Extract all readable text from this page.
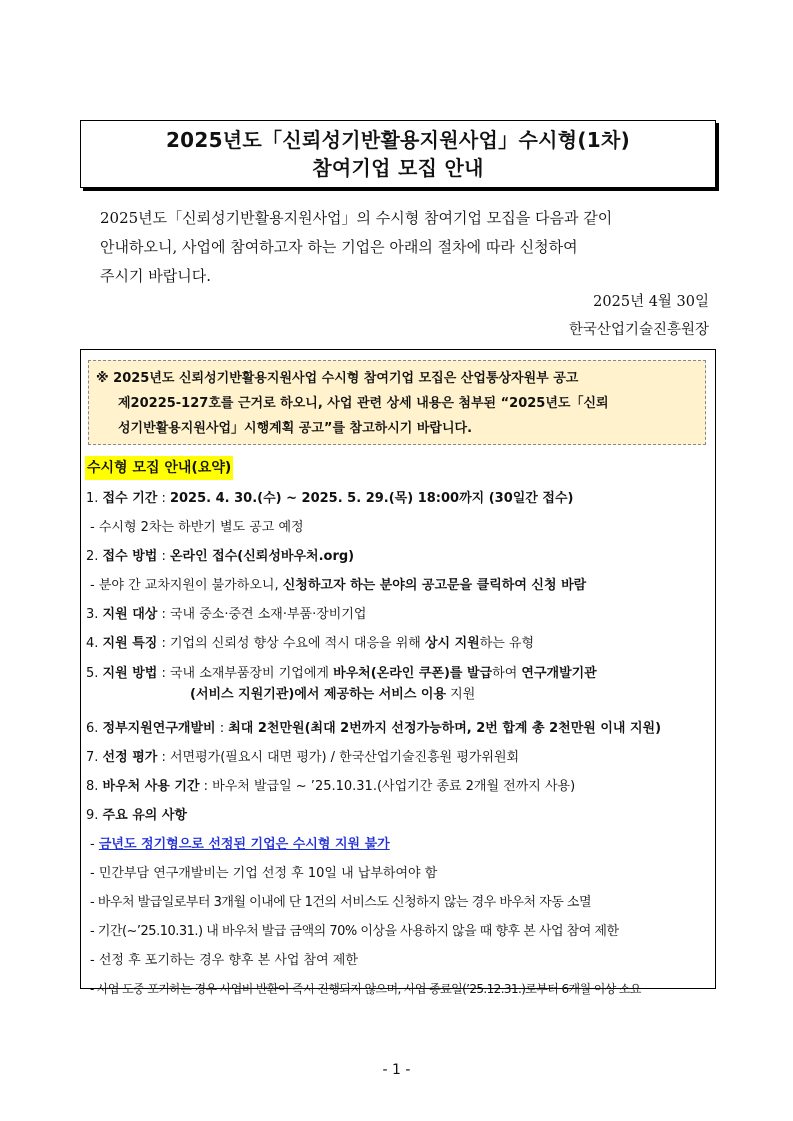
2025년도「신뢰성기반활용지원사업」수시형(1차)
참여기업 모집 안내

2025년도「신뢰성기반활용지원사업」의 수시형 참여기업 모집을 다음과 같이

안내하오니, 사업에 참여하고자 하는 기업은 아래의 절차에 따라 신청하여

주시기 바랍니다.

2025년 4월 30일
한국산업기술진흥원장
※ 2025년도 신뢰성기반활용지원사업 수시형 참여기업 모집은 산업통상자원부 공고
제20225-127호를 근거로 하오니, 사업 관련 상세 내용은 첨부된 “2025년도「신뢰
성기반활용지원사업」시행계획 공고”를 참고하시기 바랍니다.
수시형 모집 안내(요약)
1. 접수 기간 : 2025. 4. 30.(수) ~ 2025. 5. 29.(목) 18:00까지 (30일간 접수)
- 수시형 2차는 하반기 별도 공고 예정
2. 접수 방법 : 온라인 접수(신뢰성바우처.org)
- 분야 간 교차지원이 불가하오니, 신청하고자 하는 분야의 공고문을 클릭하여 신청 바람
3. 지원 대상 : 국내 중소·중견 소재·부품·장비기업
4. 지원 특징 : 기업의 신뢰성 향상 수요에 적시 대응을 위해 상시 지원하는 유형
5. 지원 방법 : 국내 소재부품장비 기업에게 바우처(온라인 쿠폰)를 발급하여 연구개발기관
(서비스 지원기관)에서 제공하는 서비스 이용 지원
6. 정부지원연구개발비 : 최대 2천만원(최대 2번까지 선정가능하며, 2번 합계 총 2천만원 이내 지원)
7. 선정 평가 : 서면평가(필요시 대면 평가) / 한국산업기술진흥원 평가위원회
8. 바우처 사용 기간 : 바우처 발급일 ~ ’25.10.31.(사업기간 종료 2개월 전까지 사용)
9. 주요 유의 사항
- 금년도 정기형으로 선정된 기업은 수시형 지원 불가
- 민간부담 연구개발비는 기업 선정 후 10일 내 납부하여야 함
- 바우처 발급일로부터 3개월 이내에 단 1건의 서비스도 신청하지 않는 경우 바우처 자동 소멸
- 기간(~’25.10.31.) 내 바우처 발급 금액의 70% 이상을 사용하지 않을 때 향후 본 사업 참여 제한
- 선정 후 포기하는 경우 향후 본 사업 참여 제한
- 사업 도중 포기하는 경우 사업비 반환이 즉시 진행되지 않으며, 사업 종료일(’25.12.31.)로부터 6개월 이상 소요
- 1 -
